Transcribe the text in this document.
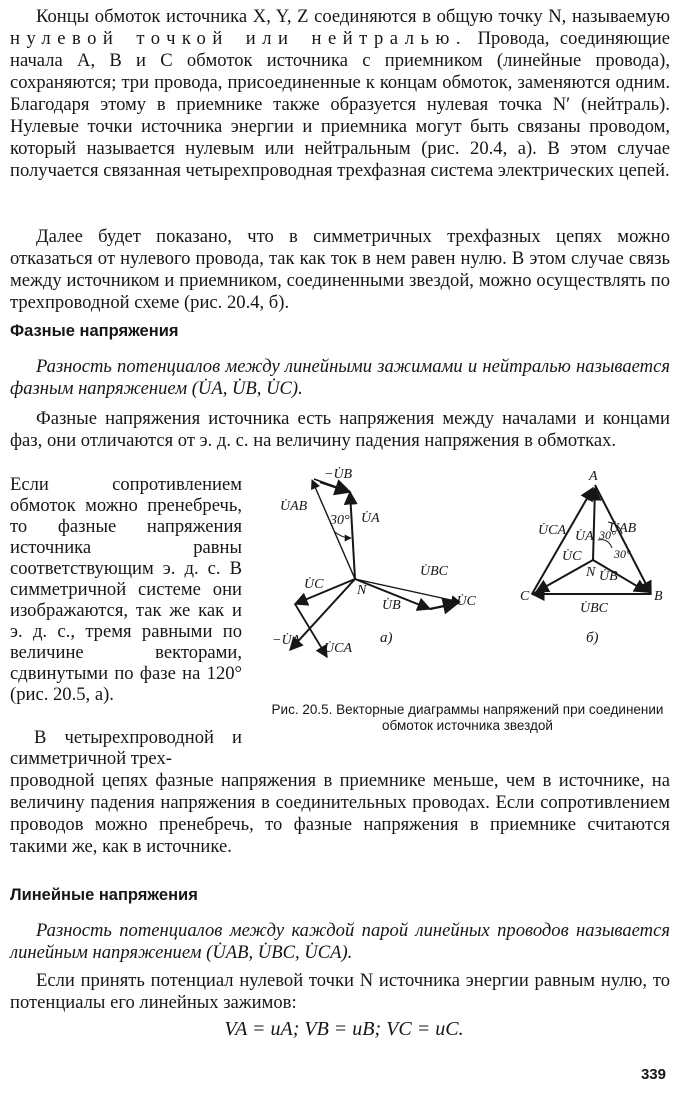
Концы обмоток источника X, Y, Z соединяются в общую точку N, называемую нулевой точкой или нейтралью. Провода, соединяющие начала A, B и C обмоток источника с приемником (линейные провода), сохраняются; три провода, присоединенные к концам обмоток, заменяются одним. Благодаря этому в приемнике также образуется нулевая точка N′ (нейтраль). Нулевые точки источника энергии и приемника могут быть связаны проводом, который называется нулевым или нейтральным (рис. 20.4, а). В этом случае получается связанная четырехпроводная трехфазная система электрических цепей.
Далее будет показано, что в симметричных трехфазных цепях можно отказаться от нулевого провода, так как ток в нем равен нулю. В этом случае связь между источником и приемником, соединенными звездой, можно осуществлять по трехпроводной схеме (рис. 20.4, б).
Фазные напряжения
Разность потенциалов между линейными зажимами и нейтралью называется фазным напряжением (U̇A, U̇B, U̇C).
Фазные напряжения источника есть напряжения между началами и концами фаз, они отличаются от э. д. с. на величину падения напряжения в обмотках.
Если сопротивлением обмоток можно пренебречь, то фазные напряжения источника равны соответствующим э. д. с. В симметричной системе они изображаются, так же как и э. д. с., тремя равными по величине векторами, сдвинутыми по фазе на 120° (рис. 20.5, а).
В четырехпроводной и симметричной трех-
−U̇B
U̇AB
30° U̇A
U̇BC
U̇C N
U̇B	−U̇C
−U̇A
U̇CA
а)
A
U̇CA U̇A 30°
U̇AB
30°
U̇C
N U̇B
C	B
U̇BC
б)
Рис. 20.5. Векторные диаграммы напряжений при соединении обмоток источника звездой
проводной цепях фазные напряжения в приемнике меньше, чем в источнике, на величину падения напряжения в соединительных проводах. Если сопротивлением проводов можно пренебречь, то фазные напряжения в приемнике считаются такими же, как в источнике.
Линейные напряжения
Разность потенциалов между каждой парой линейных проводов называется линейным напряжением (U̇AB, U̇BC, U̇CA).
Если принять потенциал нулевой точки N источника энергии равным нулю, то потенциалы его линейных зажимов:
VA = uA; VB = uB; VC = uC.
339
